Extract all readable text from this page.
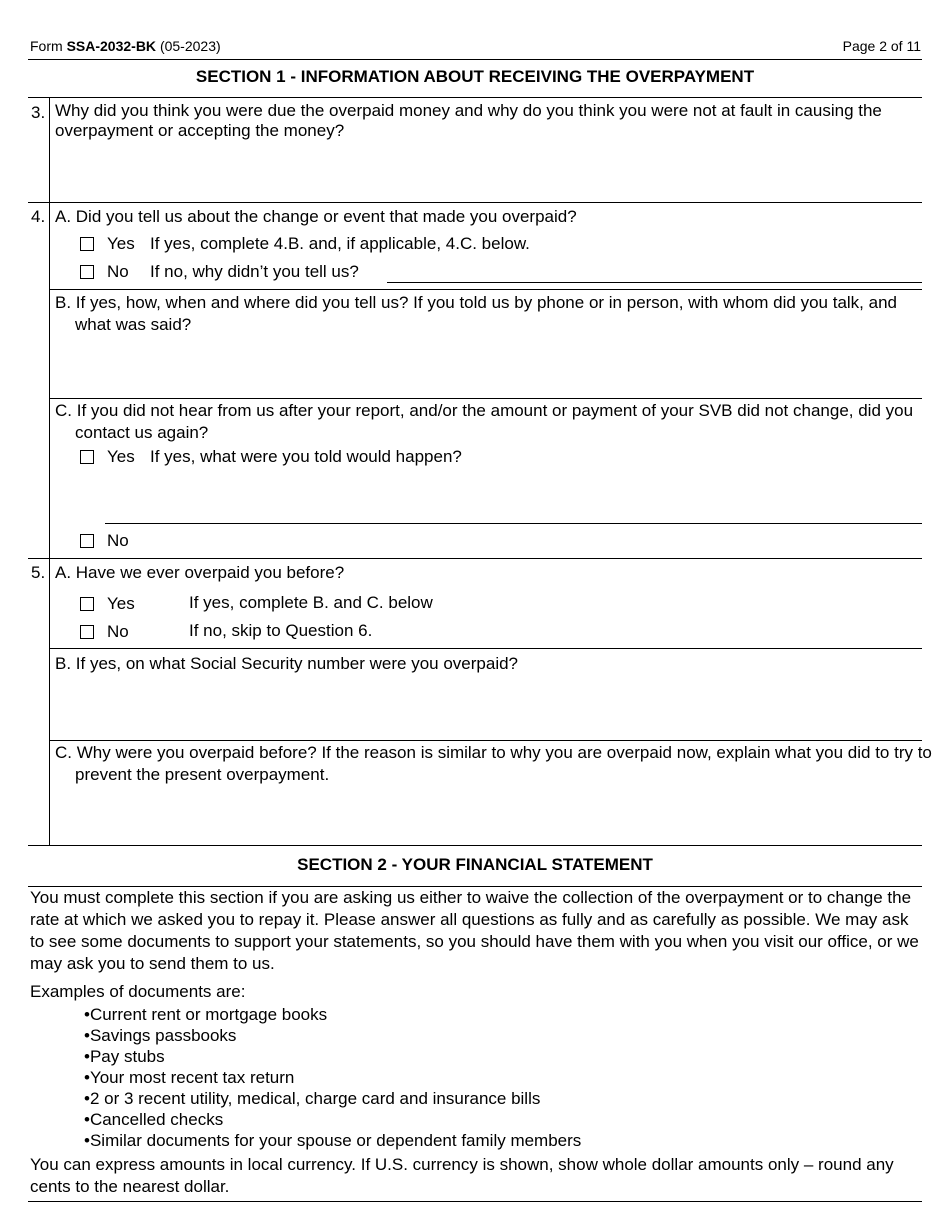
Form SSA-2032-BK (05-2023)	Page 2 of 11
SECTION 1 - INFORMATION ABOUT RECEIVING THE OVERPAYMENT
3. Why did you think you were due the overpaid money and why do you think you were not at fault in causing the overpayment or accepting the money?
4. A. Did you tell us about the change or event that made you overpaid?
Yes If yes, complete 4.B. and, if applicable, 4.C. below.
No If no, why didn’t you tell us?
B. If yes, how, when and where did you tell us? If you told us by phone or in person, with whom did you talk, and what was said?
C. If you did not hear from us after your report, and/or the amount or payment of your SVB did not change, did you contact us again?
Yes If yes, what were you told would happen?
No
5. A. Have we ever overpaid you before?
Yes	If yes, complete B. and C. below
No	If no, skip to Question 6.
B. If yes, on what Social Security number were you overpaid?
C. Why were you overpaid before? If the reason is similar to why you are overpaid now, explain what you did to try to prevent the present overpayment.
SECTION 2 - YOUR FINANCIAL STATEMENT
You must complete this section if you are asking us either to waive the collection of the overpayment or to change the rate at which we asked you to repay it. Please answer all questions as fully and as carefully as possible. We may ask to see some documents to support your statements, so you should have them with you when you visit our office, or we may ask you to send them to us.
Examples of documents are:
• Current rent or mortgage books
• Savings passbooks
• Pay stubs
• Your most recent tax return
• 2 or 3 recent utility, medical, charge card and insurance bills
• Cancelled checks
• Similar documents for your spouse or dependent family members
You can express amounts in local currency. If U.S. currency is shown, show whole dollar amounts only – round any cents to the nearest dollar.
